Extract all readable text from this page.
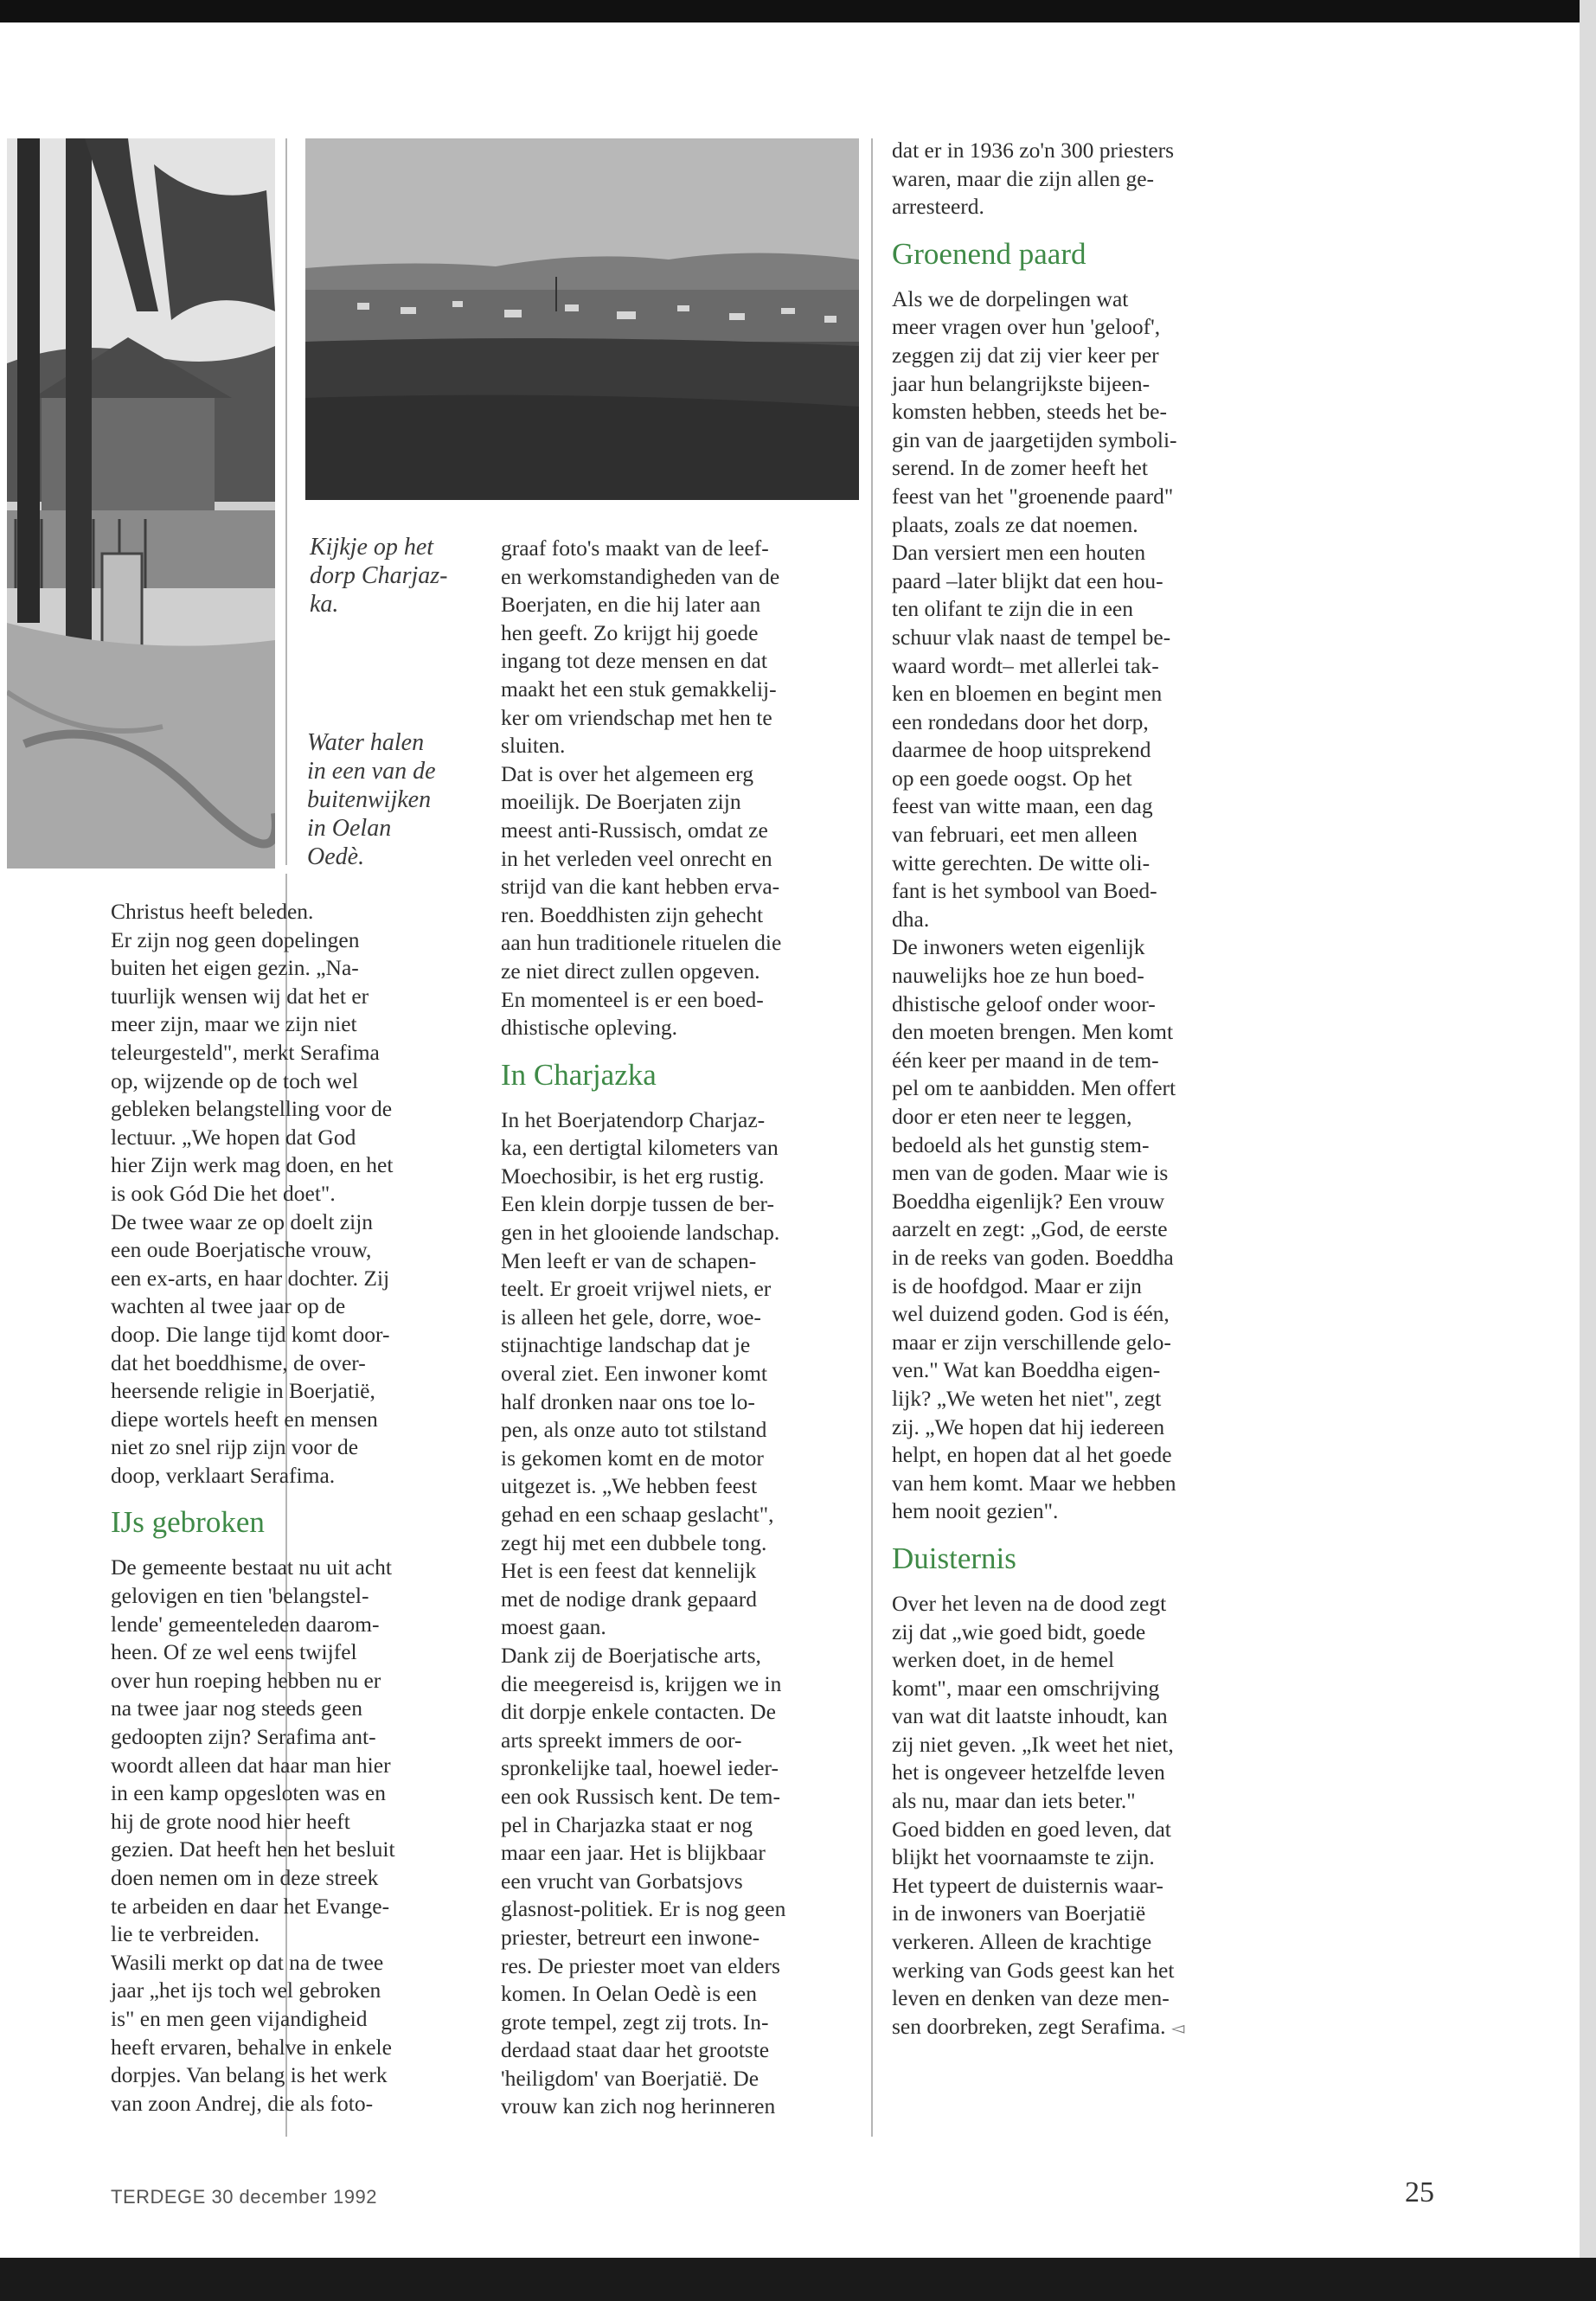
Kijkje op het
dorp Charjaz-
ka.
Water halen
in een van de
buitenwijken
in Oelan
Oedè.

Christus heeft beleden.
Er zijn nog geen dopelingen
buiten het eigen gezin. „Na-
tuurlijk wensen wij dat het er
meer zijn, maar we zijn niet
teleurgesteld", merkt Serafima
op, wijzende op de toch wel
gebleken belangstelling voor de
lectuur. „We hopen dat God
hier Zijn werk mag doen, en het
is ook Gód Die het doet".
De twee waar ze op doelt zijn
een oude Boerjatische vrouw,
een ex-arts, en haar dochter. Zij
wachten al twee jaar op de
doop. Die lange tijd komt door-
dat het boeddhisme, de over-
heersende religie in Boerjatië,
diepe wortels heeft en mensen
niet zo snel rijp zijn voor de
doop, verklaart Serafima.

IJs gebroken

De gemeente bestaat nu uit acht
gelovigen en tien 'belangstel-
lende' gemeenteleden daarom-
heen. Of ze wel eens twijfel
over hun roeping hebben nu er
na twee jaar nog steeds geen
gedoopten zijn? Serafima ant-
woordt alleen dat haar man hier
in een kamp opgesloten was en
hij de grote nood hier heeft
gezien. Dat heeft hen het besluit
doen nemen om in deze streek
te arbeiden en daar het Evange-
lie te verbreiden.
Wasili merkt op dat na de twee
jaar „het ijs toch wel gebroken
is" en men geen vijandigheid
heeft ervaren, behalve in enkele
dorpjes. Van belang is het werk
van zoon Andrej, die als foto-

graaf foto's maakt van de leef-
en werkomstandigheden van de
Boerjaten, en die hij later aan
hen geeft. Zo krijgt hij goede
ingang tot deze mensen en dat
maakt het een stuk gemakkelij-
ker om vriendschap met hen te
sluiten.
Dat is over het algemeen erg
moeilijk. De Boerjaten zijn
meest anti-Russisch, omdat ze
in het verleden veel onrecht en
strijd van die kant hebben erva-
ren. Boeddhisten zijn gehecht
aan hun traditionele rituelen die
ze niet direct zullen opgeven.
En momenteel is er een boed-
dhistische opleving.

In Charjazka

In het Boerjatendorp Charjaz-
ka, een dertigtal kilometers van
Moechosibir, is het erg rustig.
Een klein dorpje tussen de ber-
gen in het glooiende landschap.
Men leeft er van de schapen-
teelt. Er groeit vrijwel niets, er
is alleen het gele, dorre, woe-
stijnachtige landschap dat je
overal ziet. Een inwoner komt
half dronken naar ons toe lo-
pen, als onze auto tot stilstand
is gekomen komt en de motor
uitgezet is. „We hebben feest
gehad en een schaap geslacht",
zegt hij met een dubbele tong.
Het is een feest dat kennelijk
met de nodige drank gepaard
moest gaan.
Dank zij de Boerjatische arts,
die meegereisd is, krijgen we in
dit dorpje enkele contacten. De
arts spreekt immers de oor-
spronkelijke taal, hoewel ieder-
een ook Russisch kent. De tem-
pel in Charjazka staat er nog
maar een jaar. Het is blijkbaar
een vrucht van Gorbatsjovs
glasnost-politiek. Er is nog geen
priester, betreurt een inwone-
res. De priester moet van elders
komen. In Oelan Oedè is een
grote tempel, zegt zij trots. In-
derdaad staat daar het grootste
'heiligdom' van Boerjatië. De
vrouw kan zich nog herinneren

dat er in 1936 zo'n 300 priesters
waren, maar die zijn allen ge-
arresteerd.

Groenend paard

Als we de dorpelingen wat
meer vragen over hun 'geloof',
zeggen zij dat zij vier keer per
jaar hun belangrijkste bijeen-
komsten hebben, steeds het be-
gin van de jaargetijden symboli-
serend. In de zomer heeft het
feest van het "groenende paard"
plaats, zoals ze dat noemen.
Dan versiert men een houten
paard –later blijkt dat een hou-
ten olifant te zijn die in een
schuur vlak naast de tempel be-
waard wordt– met allerlei tak-
ken en bloemen en begint men
een rondedans door het dorp,
daarmee de hoop uitsprekend
op een goede oogst. Op het
feest van witte maan, een dag
van februari, eet men alleen
witte gerechten. De witte oli-
fant is het symbool van Boed-
dha.
De inwoners weten eigenlijk
nauwelijks hoe ze hun boed-
dhistische geloof onder woor-
den moeten brengen. Men komt
één keer per maand in de tem-
pel om te aanbidden. Men offert
door er eten neer te leggen,
bedoeld als het gunstig stem-
men van de goden. Maar wie is
Boeddha eigenlijk? Een vrouw
aarzelt en zegt: „God, de eerste
in de reeks van goden. Boeddha
is de hoofdgod. Maar er zijn
wel duizend goden. God is één,
maar er zijn verschillende gelo-
ven." Wat kan Boeddha eigen-
lijk? „We weten het niet", zegt
zij. „We hopen dat hij iedereen
helpt, en hopen dat al het goede
van hem komt. Maar we hebben
hem nooit gezien".

Duisternis

Over het leven na de dood zegt
zij dat „wie goed bidt, goede
werken doet, in de hemel
komt", maar een omschrijving
van wat dit laatste inhoudt, kan
zij niet geven. „Ik weet het niet,
het is ongeveer hetzelfde leven
als nu, maar dan iets beter."
Goed bidden en goed leven, dat
blijkt het voornaamste te zijn.
Het typeert de duisternis waar-
in de inwoners van Boerjatië
verkeren. Alleen de krachtige
werking van Gods geest kan het
leven en denken van deze men-
sen doorbreken, zegt Serafima. ◅

TERDEGE 30 december 1992	25
